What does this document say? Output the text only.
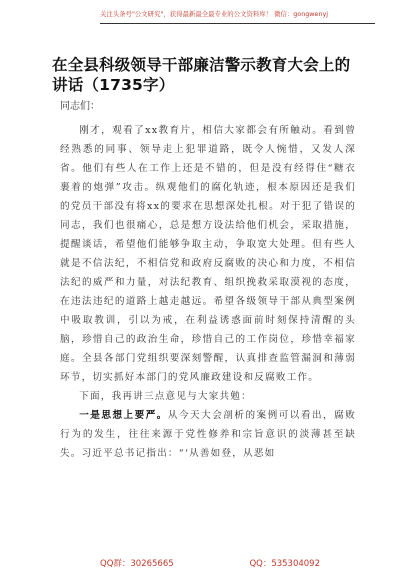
关注头条号"公文研究"，获得最新最全最专业的公文资料库！ 微信：gongwenyj
在全县科级领导干部廉洁警示教育大会上的讲话（1735字）

同志们：

刚才，观看了xx教育片，相信大家都会有所触动。看到曾经熟悉的同事、领导走上犯罪道路，既令人惋惜，又发人深省。他们有些人在工作上还是不错的，但是没有经得住“糖衣裹着的炮弹”攻击。纵观他们的腐化轨迹，根本原因还是我们的党员干部没有将xx的要求在思想深处扎根。对于犯了错误的同志，我们也很痛心，总是想方设法给他们机会，采取措施，提醒谈话，希望他们能够争取主动，争取宽大处理。但有些人就是不信法纪，不相信党和政府反腐败的决心和力度，不相信法纪的威严和力量，对法纪教育、组织挽救采取漠视的态度，在违法违纪的道路上越走越远。希望各级领导干部从典型案例中吸取教训，引以为戒，在利益诱惑面前时刻保持清醒的头脑，珍惜自己的政治生命，珍惜自己的工作岗位，珍惜幸福家庭。全县各部门党组织要深刻警醒，认真排查监管漏洞和薄弱环节，切实抓好本部门的党风廉政建设和反腐败工作。

下面，我再讲三点意见与大家共勉：

一是思想上要严。从今天大会剖析的案例可以看出，腐败行为的发生，往往来源于党性修养和宗旨意识的淡薄甚至缺失。习近平总书记指出：“‘从善如登，从恶如

QQ群：30265665	QQ：535304092
